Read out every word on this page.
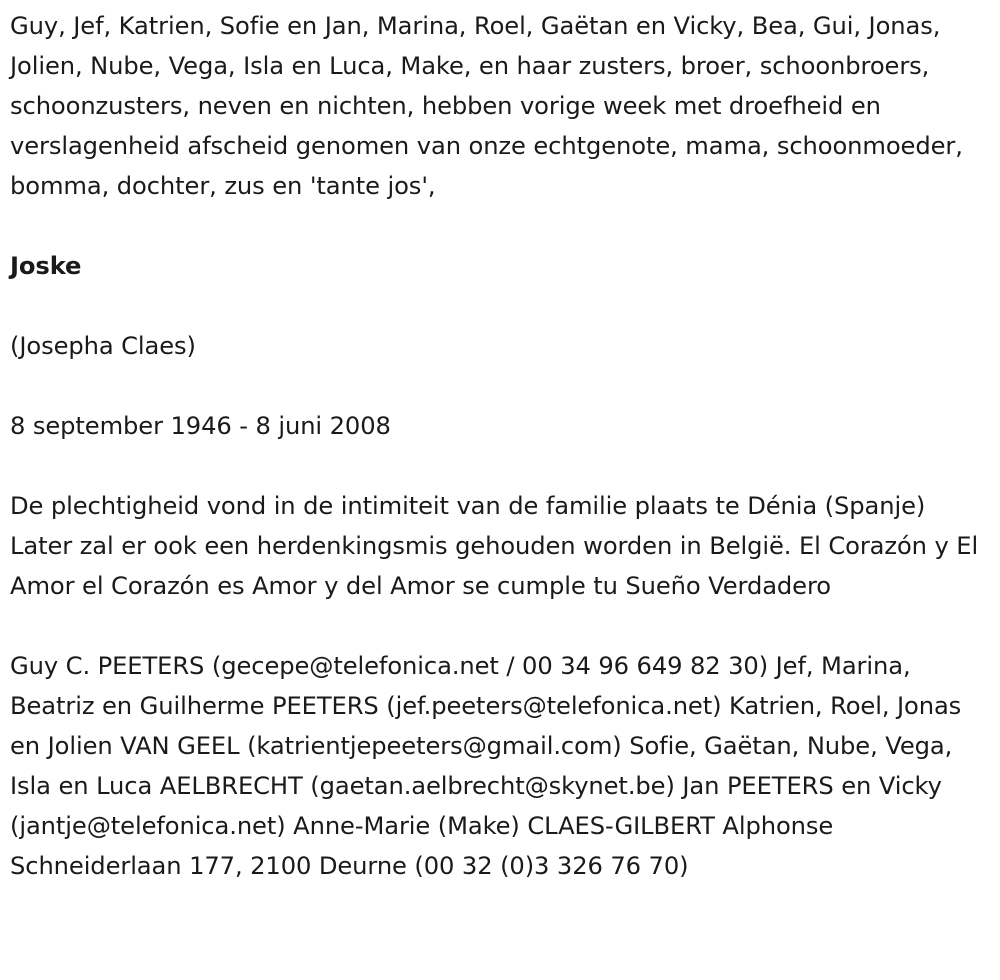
Guy, Jef, Katrien, Sofie en Jan, Marina, Roel, Gaëtan en Vicky, Bea, Gui, Jonas, Jolien, Nube, Vega, Isla en Luca, Make, en haar zusters, broer, schoonbroers, schoonzusters, neven en nichten, hebben vorige week met droefheid en verslagenheid afscheid genomen van onze echtgenote, mama, schoonmoeder, bomma, dochter, zus en 'tante jos',

Joske

(Josepha Claes)

8 september 1946 - 8 juni 2008

De plechtigheid vond in de intimiteit van de familie plaats te Dénia (Spanje) Later zal er ook een herdenkingsmis gehouden worden in België. El Corazón y El Amor el Corazón es Amor y del Amor se cumple tu Sueño Verdadero

Guy C. PEETERS (gecepe@telefonica.net / 00 34 96 649 82 30) Jef, Marina, Beatriz en Guilherme PEETERS (jef.peeters@telefonica.net) Katrien, Roel, Jonas en Jolien VAN GEEL (katrientjepeeters@gmail.com) Sofie, Gaëtan, Nube, Vega, Isla en Luca AELBRECHT (gaetan.aelbrecht@skynet.be) Jan PEETERS en Vicky (jantje@telefonica.net) Anne-Marie (Make) CLAES-GILBERT Alphonse Schneiderlaan 177, 2100 Deurne (00 32 (0)3 326 76 70)
